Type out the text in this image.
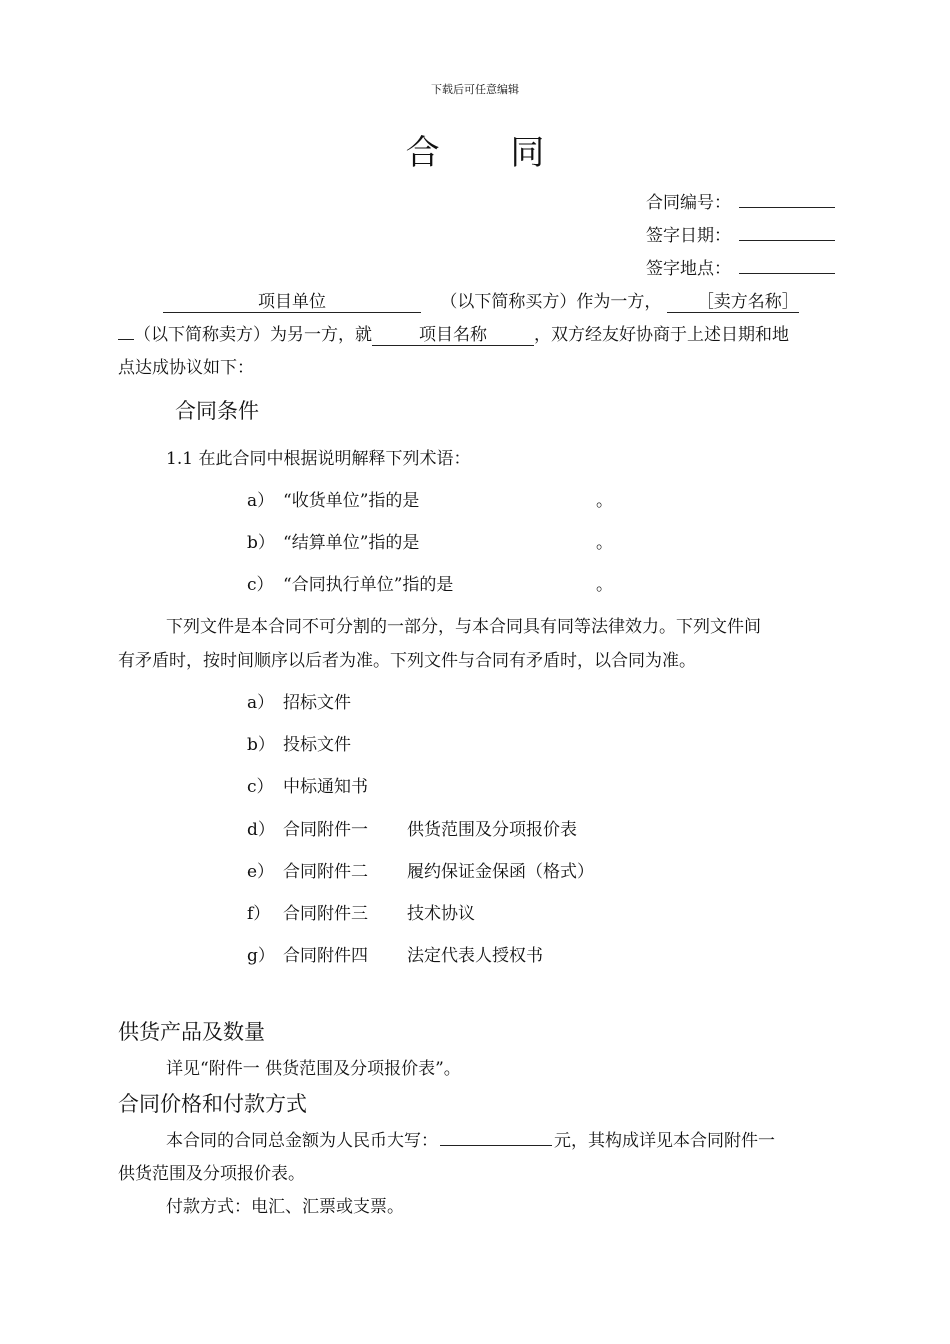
下载后可任意编辑
合 同
合同编号：
签字日期：
签字地点：
项目单位	（以下简称买方）作为一方， ［卖方名称］
（以下简称卖方）为另一方，就	项目名称	，双方经友好协商于上述日期和地
点达成协议如下：
合同条件
1.1 在此合同中根据说明解释下列术语：
a） “收货单位”指的是	。
b） “结算单位”指的是	。
c） “合同执行单位”指的是	。
下列文件是本合同不可分割的一部分，与本合同具有同等法律效力。下列文件间
有矛盾时，按时间顺序以后者为准。下列文件与合同有矛盾时，以合同为准。
a） 招标文件
b） 投标文件
c） 中标通知书
d） 合同附件一 供货范围及分项报价表
e） 合同附件二 履约保证金保函（格式）
f） 合同附件三 技术协议
g） 合同附件四 法定代表人授权书
供货产品及数量
详见“附件一 供货范围及分项报价表”。
合同价格和付款方式
本合同的合同总金额为人民币大写：	元，其构成详见本合同附件一
供货范围及分项报价表。
付款方式：电汇、汇票或支票。
